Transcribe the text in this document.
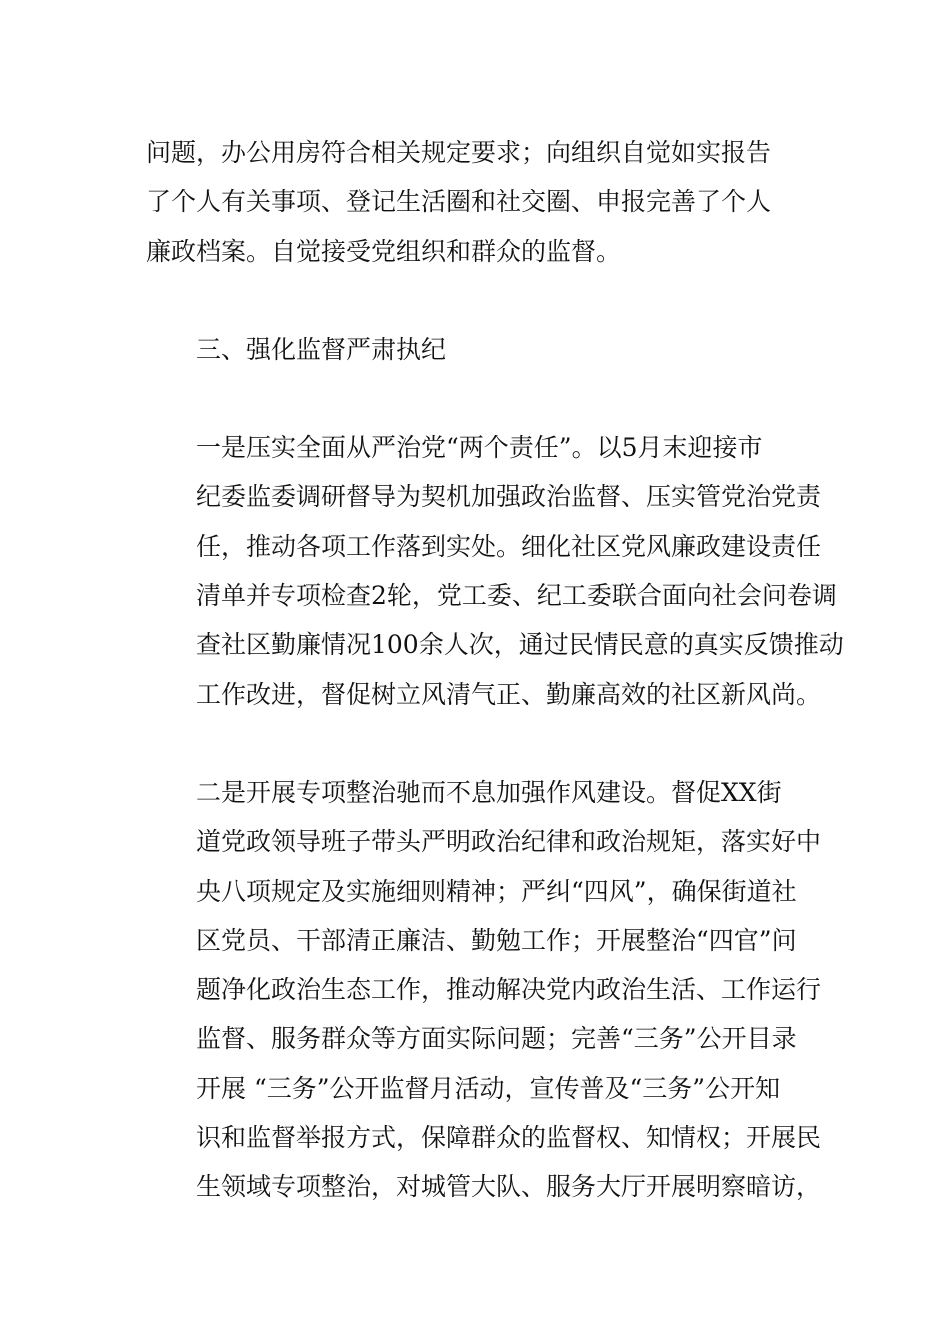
问题，办公用房符合相关规定要求；向组织自觉如实报告
了个人有关事项、登记生活圈和社交圈、申报完善了个人
廉政档案。自觉接受党组织和群众的监督。

三、强化监督严肃执纪

一是压实全面从严治党“两个责任”。以5月末迎接市
纪委监委调研督导为契机加强政治监督、压实管党治党责
任，推动各项工作落到实处。细化社区党风廉政建设责任
清单并专项检查2轮，党工委、纪工委联合面向社会问卷调
查社区勤廉情况100余人次，通过民情民意的真实反馈推动
工作改进，督促树立风清气正、勤廉高效的社区新风尚。

二是开展专项整治驰而不息加强作风建设。督促XX街
道党政领导班子带头严明政治纪律和政治规矩，落实好中
央八项规定及实施细则精神；严纠“四风”，确保街道社
区党员、干部清正廉洁、勤勉工作；开展整治“四官”问
题净化政治生态工作，推动解决党内政治生活、工作运行
监督、服务群众等方面实际问题；完善“三务”公开目录
开展 “三务”公开监督月活动，宣传普及“三务”公开知
识和监督举报方式，保障群众的监督权、知情权；开展民
生领域专项整治，对城管大队、服务大厅开展明察暗访，
